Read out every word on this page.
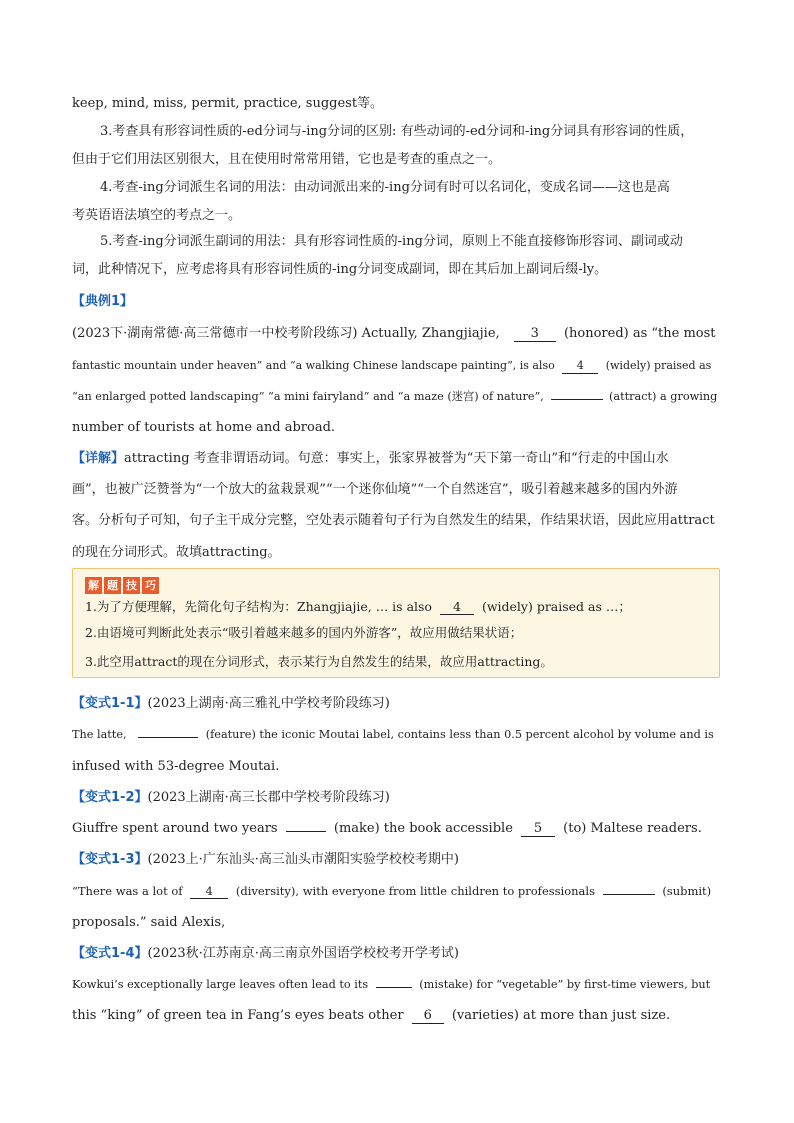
keep, mind, miss, permit, practice, suggest等。
3.考查具有形容词性质的-ed分词与-ing分词的区别: 有些动词的-ed分词和-ing分词具有形容词的性质，
但由于它们用法区别很大，且在使用时常常用错，它也是考查的重点之一。
4.考查-ing分词派生名词的用法：由动词派出来的-ing分词有时可以名词化，变成名词——这也是高
考英语语法填空的考点之一。
5.考查-ing分词派生副词的用法：具有形容词性质的-ing分词，原则上不能直接修饰形容词、副词或动
词，此种情况下，应考虑将具有形容词性质的-ing分词变成副词，即在其后加上副词后缀-ly。
【典例1】
(2023下·湖南常德·高三常德市一中校考阶段练习) Actually, Zhangjiajie, 3 (honored) as “the most
fantastic mountain under heaven” and “a walking Chinese landscape painting”, is also 4 (widely) praised as
“an enlarged potted landscaping” “a mini fairyland” and “a maze (迷宫) of nature”,	(attract) a growing
number of tourists at home and abroad.
【详解】attracting 考查非谓语动词。句意：事实上，张家界被誉为“天下第一奇山”和“行走的中国山水
画”，也被广泛赞誉为“一个放大的盆栽景观”“一个迷你仙境”“一个自然迷宫”，吸引着越来越多的国内外游
客。分析句子可知，句子主干成分完整，空处表示随着句子行为自然发生的结果，作结果状语，因此应用attract
的现在分词形式。故填attracting。
解 题 技 巧
1.为了方便理解，先简化句子结构为：Zhangjiajie, … is also 4 (widely) praised as …；
2.由语境可判断此处表示“吸引着越来越多的国内外游客”，故应用做结果状语；
3.此空用attract的现在分词形式，表示某行为自然发生的结果，故应用attracting。
【变式1-1】(2023上湖南·高三雅礼中学校考阶段练习)
The latte,	(feature) the iconic Moutai label, contains less than 0.5 percent alcohol by volume and is
infused with 53-degree Moutai.
【变式1-2】(2023上湖南·高三长郡中学校考阶段练习)
Giuffre spent around two years	(make) the book accessible 5 (to) Maltese readers.
【变式1-3】(2023上·广东汕头·高三汕头市潮阳实验学校校考期中)
“There was a lot of 4 (diversity), with everyone from little children to professionals	(submit)
proposals.” said Alexis,
【变式1-4】(2023秋·江苏南京·高三南京外国语学校校考开学考试)
Kowkui’s exceptionally large leaves often lead to its	(mistake) for “vegetable” by first-time viewers, but
this “king” of green tea in Fang’s eyes beats other 6 (varieties) at more than just size.
